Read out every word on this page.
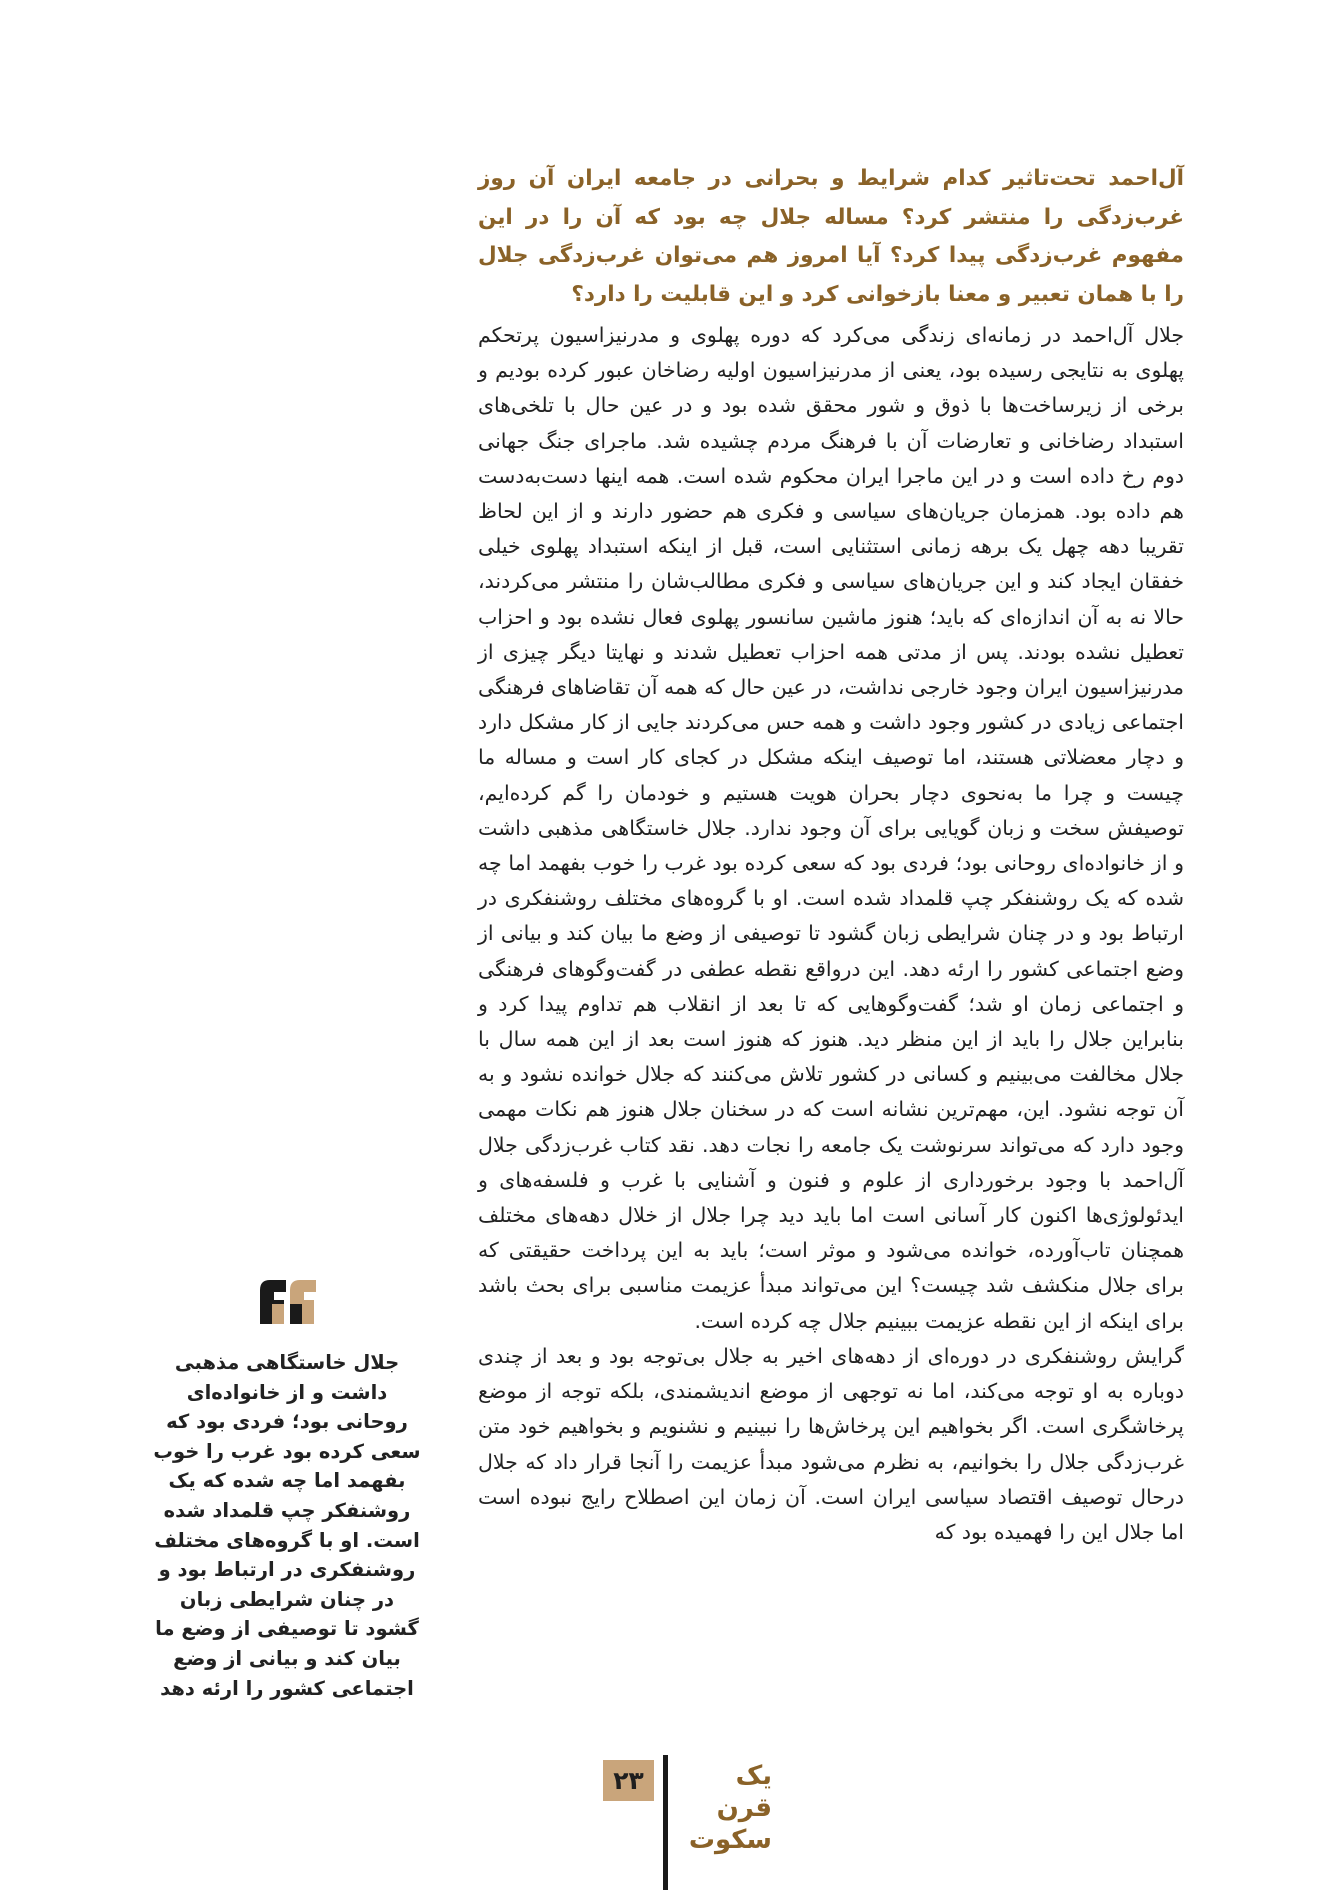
آل‌احمد تحت‌تاثیر کدام شرایط و بحرانی در جامعه ایران آن روز غرب‌زدگی را منتشر کرد؟ مساله جلال چه بود که آن را در این مفهوم غرب‌زدگی پیدا کرد؟ آیا امروز هم می‌توان غرب‌زدگی جلال را با همان تعبیر و معنا بازخوانی کرد و این قابلیت را دارد؟

جلال آل‌احمد در زمانه‌ای زندگی می‌کرد که دوره پهلوی و مدرنیزاسیون پرتحکم پهلوی به نتایجی رسیده بود، یعنی از مدرنیزاسیون اولیه رضاخان عبور کرده بودیم و برخی از زیرساخت‌ها با ذوق و شور محقق شده بود و در عین حال با تلخی‌های استبداد رضاخانی و تعارضات آن با فرهنگ مردم چشیده شد. ماجرای جنگ جهانی دوم رخ داده است و در این ماجرا ایران محکوم شده است. همه اینها دست‌به‌دست هم داده بود. همزمان جریان‌های سیاسی و فکری هم حضور دارند و از این لحاظ تقریبا دهه چهل یک برهه زمانی استثنایی است، قبل از اینکه استبداد پهلوی خیلی خفقان ایجاد کند و این جریان‌های سیاسی و فکری مطالب‌شان را منتشر می‌کردند، حالا نه به آن اندازه‌ای که باید؛ هنوز ماشین سانسور پهلوی فعال نشده بود و احزاب تعطیل نشده بودند. پس از مدتی همه احزاب تعطیل شدند و نهایتا دیگر چیزی از مدرنیزاسیون ایران وجود خارجی نداشت، در عین حال که همه آن تقاضاهای فرهنگی اجتماعی زیادی در کشور وجود داشت و همه حس می‌کردند جایی از کار مشکل دارد و دچار معضلاتی هستند، اما توصیف اینکه مشکل در کجای کار است و مساله ما چیست و چرا ما به‌نحوی دچار بحران هویت هستیم و خودمان را گم کرده‌ایم، توصیفش سخت و زبان گویایی برای آن وجود ندارد. جلال خاستگاهی مذهبی داشت و از خانواده‌ای روحانی بود؛ فردی بود که سعی کرده بود غرب را خوب بفهمد اما چه شده که یک روشنفکر چپ قلمداد شده است. او با گروه‌های مختلف روشنفکری در ارتباط بود و در چنان شرایطی زبان گشود تا توصیفی از وضع ما بیان کند و بیانی از وضع اجتماعی کشور را ارئه دهد. این درواقع نقطه عطفی در گفت‌وگوهای فرهنگی و اجتماعی زمان او شد؛ گفت‌وگوهایی که تا بعد از انقلاب هم تداوم پیدا کرد و بنابراین جلال را باید از این منظر دید. هنوز که هنوز است بعد از این همه سال با جلال مخالفت می‌بینیم و کسانی در کشور تلاش می‌کنند که جلال خوانده نشود و به آن توجه نشود. این، مهم‌ترین نشانه است که در سخنان جلال هنوز هم نکات مهمی وجود دارد که می‌تواند سرنوشت یک جامعه را نجات دهد. نقد کتاب غرب‌زدگی جلال آل‌احمد با وجود برخورداری از علوم و فنون و آشنایی با غرب و فلسفه‌های و ایدئولوژی‌ها اکنون کار آسانی است اما باید دید چرا جلال از خلال دهه‌های مختلف همچنان تاب‌آورده، خوانده می‌شود و موثر است؛ باید به این پرداخت حقیقتی که برای جلال منکشف شد چیست؟ این می‌تواند مبدأ عزیمت مناسبی برای بحث باشد برای اینکه از این نقطه عزیمت ببینیم جلال چه کرده است.

گرایش روشنفکری در دوره‌ای از دهه‌های اخیر به جلال بی‌توجه بود و بعد از چندی دوباره به او توجه می‌کند، اما نه توجهی از موضع اندیشمندی، بلکه توجه از موضع پرخاشگری است. اگر بخواهیم این پرخاش‌ها را نبینیم و نشنویم و بخواهیم خود متن غرب‌زدگی جلال را بخوانیم، به نظرم می‌شود مبدأ عزیمت را آنجا قرار داد که جلال درحال توصیف اقتصاد سیاسی ایران است. آن زمان این اصطلاح رایج نبوده است اما جلال این را فهمیده بود که

جلال خاستگاهی مذهبی داشت و از خانواده‌ای روحانی بود؛ فردی بود که سعی کرده بود غرب را خوب بفهمد اما چه شده که یک روشنفکر چپ قلمداد شده است. او با گروه‌های مختلف روشنفکری در ارتباط بود و در چنان شرایطی زبان گشود تا توصیفی از وضع ما بیان کند و بیانی از وضع اجتماعی کشور را ارئه دهد

۲۳	یک قرن
سکوت
